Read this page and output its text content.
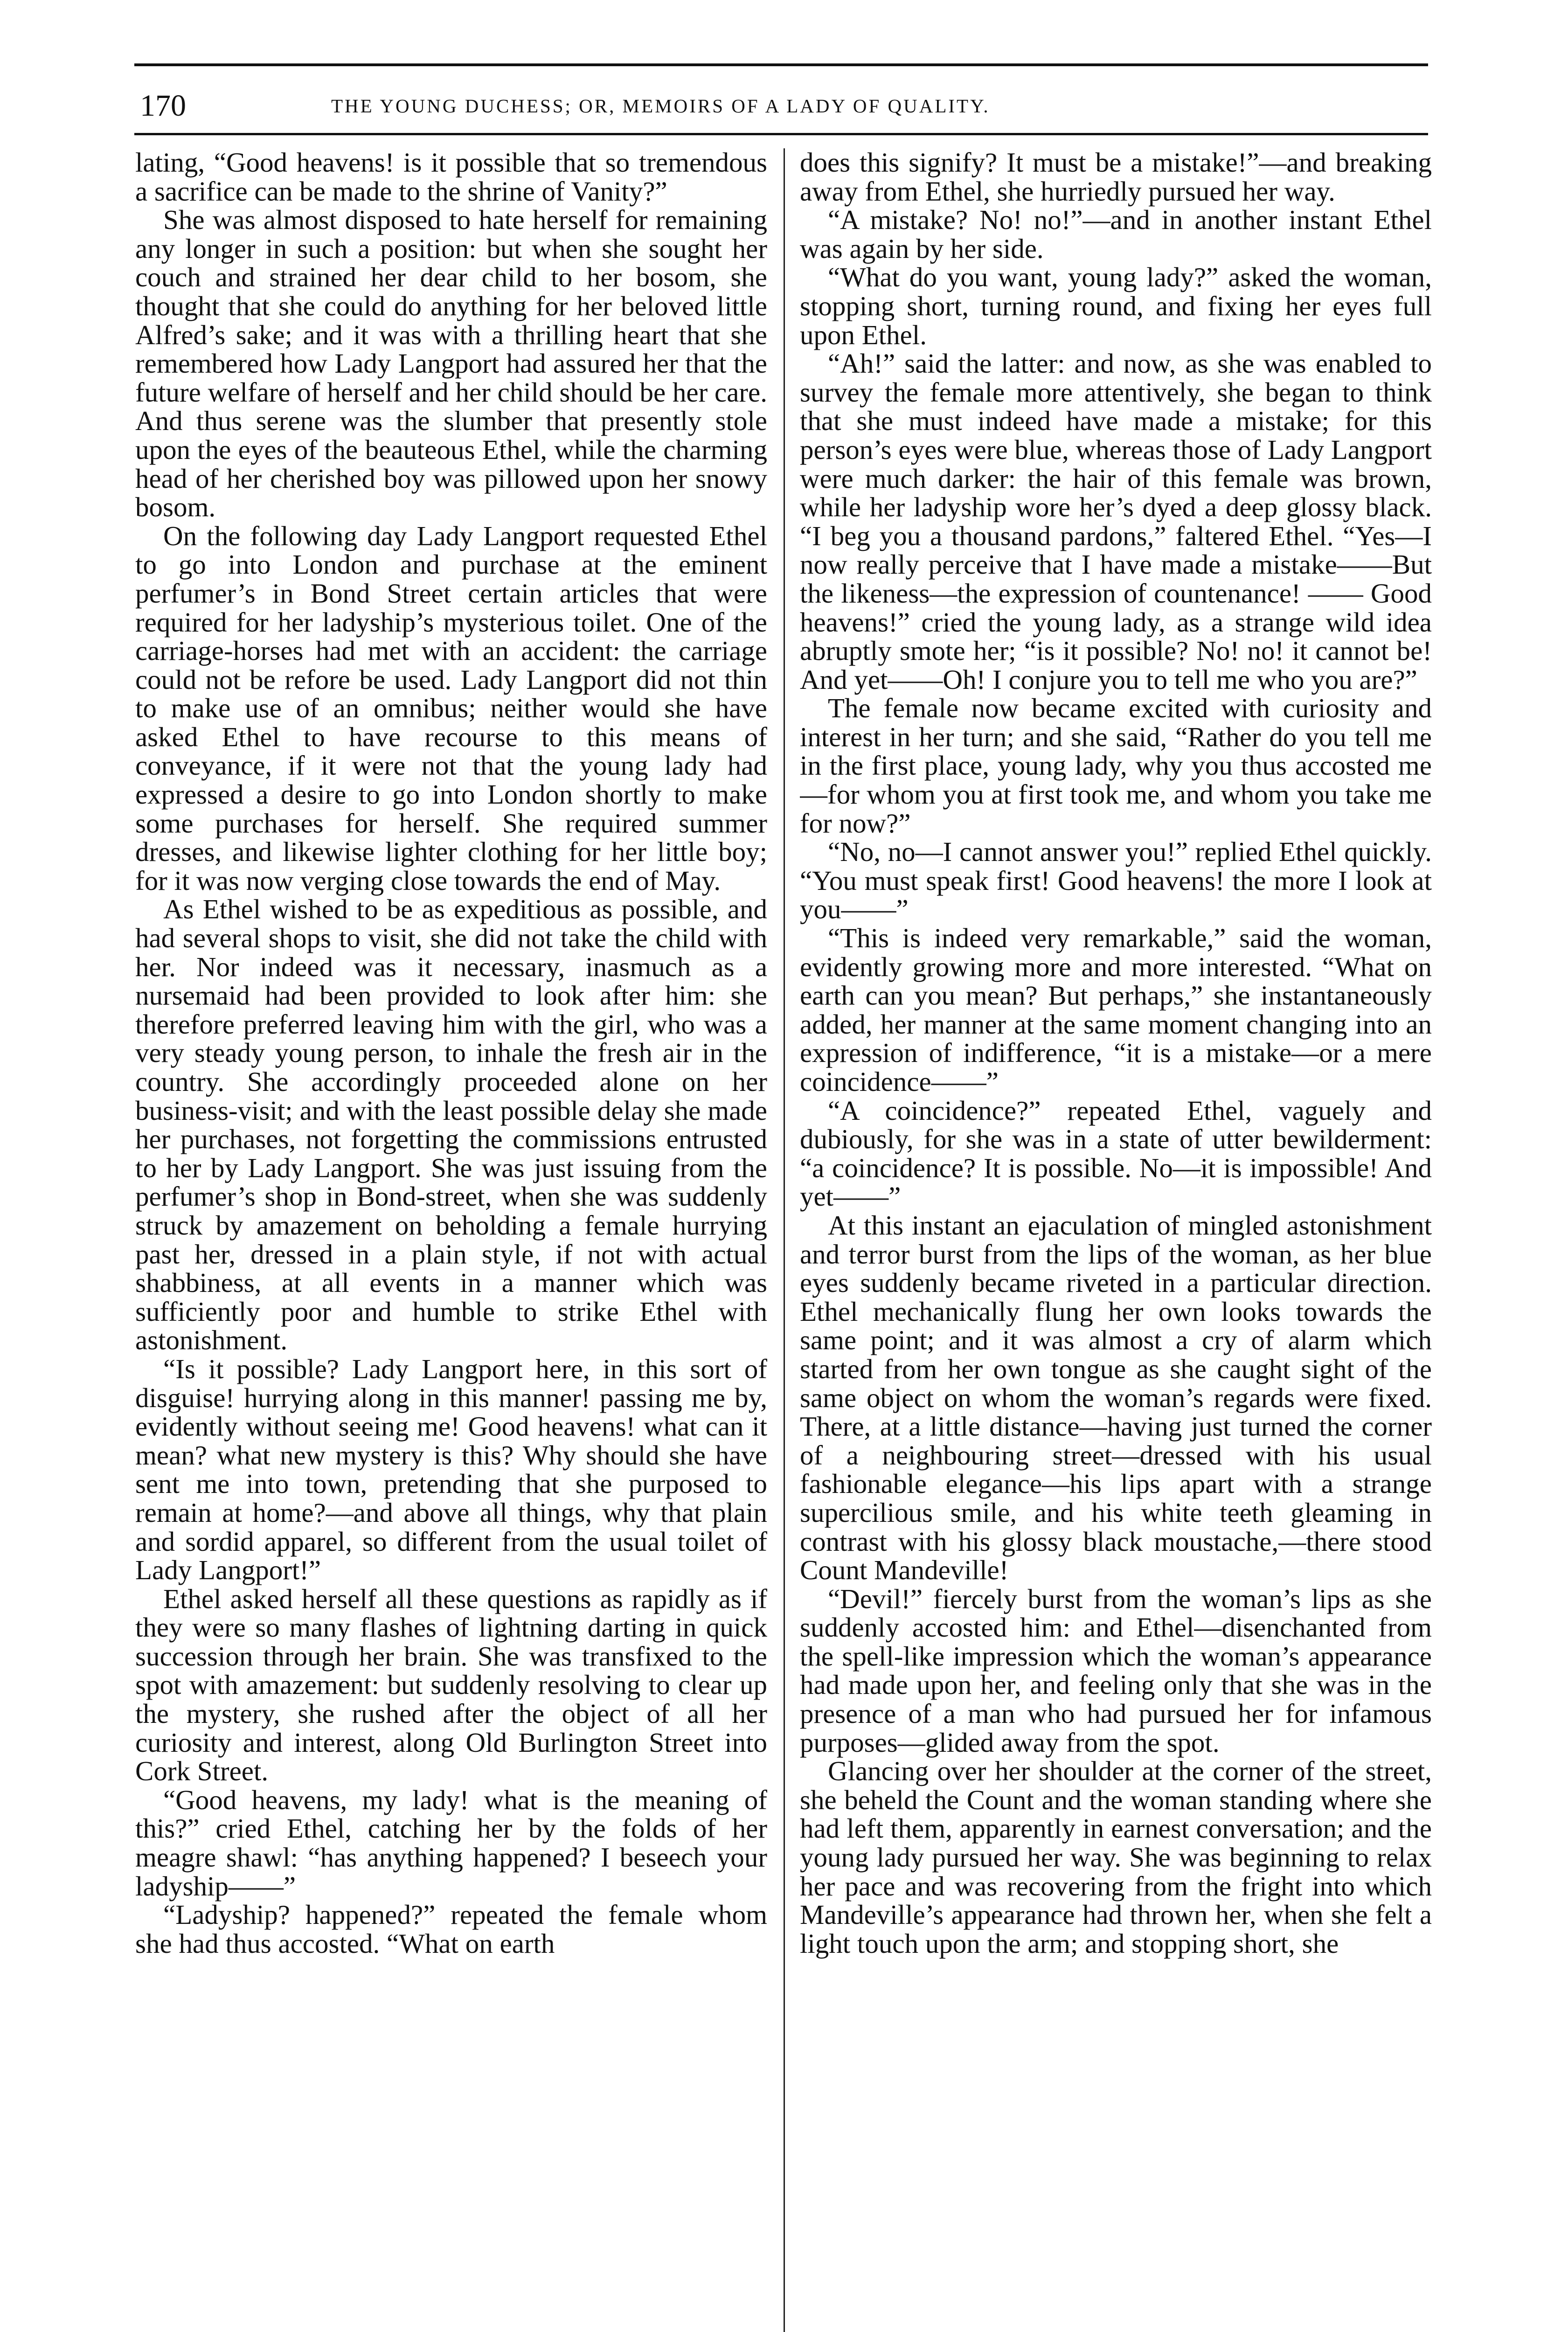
170	THE YOUNG DUCHESS; OR, MEMOIRS OF A LADY OF QUALITY.

lating, “Good heavens! is it possible that so tremendous a sacrifice can be made to the shrine of Vanity?”

She was almost disposed to hate herself for remaining any longer in such a position: but when she sought her couch and strained her dear child to her bosom, she thought that she could do anything for her beloved little Alfred’s sake; and it was with a thrilling heart that she remembered how Lady Langport had assured her that the future welfare of herself and her child should be her care. And thus serene was the slumber that presently stole upon the eyes of the beauteous Ethel, while the charming head of her cherished boy was pillowed upon her snowy bosom.

On the following day Lady Langport requested Ethel to go into London and purchase at the eminent perfumer’s in Bond Street certain articles that were required for her ladyship’s mysterious toilet. One of the carriage-horses had met with an accident: the carriage could not be refore be used. Lady Langport did not thin to make use of an omnibus; neither would she have asked Ethel to have recourse to this means of conveyance, if it were not that the young lady had expressed a desire to go into London shortly to make some purchases for herself. She required summer dresses, and likewise lighter clothing for her little boy; for it was now verging close towards the end of May.

As Ethel wished to be as expeditious as possible, and had several shops to visit, she did not take the child with her. Nor indeed was it necessary, inasmuch as a nursemaid had been provided to look after him: she therefore preferred leaving him with the girl, who was a very steady young person, to inhale the fresh air in the country. She accordingly proceeded alone on her business-visit; and with the least possible delay she made her purchases, not forgetting the commissions entrusted to her by Lady Langport. She was just issuing from the perfumer’s shop in Bond-street, when she was suddenly struck by amazement on beholding a female hurrying past her, dressed in a plain style, if not with actual shabbiness, at all events in a manner which was sufficiently poor and humble to strike Ethel with astonishment.

“Is it possible? Lady Langport here, in this sort of disguise! hurrying along in this manner! passing me by, evidently without seeing me! Good heavens! what can it mean? what new mystery is this? Why should she have sent me into town, pretending that she purposed to remain at home?—and above all things, why that plain and sordid apparel, so different from the usual toilet of Lady Langport!”

Ethel asked herself all these questions as rapidly as if they were so many flashes of lightning darting in quick succession through her brain. She was transfixed to the spot with amazement: but suddenly resolving to clear up the mystery, she rushed after the object of all her curiosity and interest, along Old Burlington Street into Cork Street.

“Good heavens, my lady! what is the meaning of this?” cried Ethel, catching her by the folds of her meagre shawl: “has anything happened? I beseech your ladyship——”

“Ladyship? happened?” repeated the female whom she had thus accosted. “What on earth

does this signify? It must be a mistake!”—and breaking away from Ethel, she hurriedly pursued her way.

“A mistake? No! no!”—and in another instant Ethel was again by her side.

“What do you want, young lady?” asked the woman, stopping short, turning round, and fixing her eyes full upon Ethel.

“Ah!” said the latter: and now, as she was enabled to survey the female more attentively, she began to think that she must indeed have made a mistake; for this person’s eyes were blue, whereas those of Lady Langport were much darker: the hair of this female was brown, while her ladyship wore her’s dyed a deep glossy black. “I beg you a thousand pardons,” faltered Ethel. “Yes—I now really perceive that I have made a mistake——But the likeness—the expression of countenance! —— Good heavens!” cried the young lady, as a strange wild idea abruptly smote her; “is it possible? No! no! it cannot be! And yet——Oh! I conjure you to tell me who you are?”

The female now became excited with curiosity and interest in her turn; and she said, “Rather do you tell me in the first place, young lady, why you thus accosted me—for whom you at first took me, and whom you take me for now?”

“No, no—I cannot answer you!” replied Ethel quickly. “You must speak first! Good heavens! the more I look at you——”

“This is indeed very remarkable,” said the woman, evidently growing more and more interested. “What on earth can you mean? But perhaps,” she instantaneously added, her manner at the same moment changing into an expression of indifference, “it is a mistake—or a mere coincidence——”

“A coincidence?” repeated Ethel, vaguely and dubiously, for she was in a state of utter bewilderment: “a coincidence? It is possible. No—it is impossible! And yet——”

At this instant an ejaculation of mingled astonishment and terror burst from the lips of the woman, as her blue eyes suddenly became riveted in a particular direction. Ethel mechanically flung her own looks towards the same point; and it was almost a cry of alarm which started from her own tongue as she caught sight of the same object on whom the woman’s regards were fixed. There, at a little distance—having just turned the corner of a neighbouring street—dressed with his usual fashionable elegance—his lips apart with a strange supercilious smile, and his white teeth gleaming in contrast with his glossy black moustache,—there stood Count Mandeville!

“Devil!” fiercely burst from the woman’s lips as she suddenly accosted him: and Ethel—disenchanted from the spell-like impression which the woman’s appearance had made upon her, and feeling only that she was in the presence of a man who had pursued her for infamous purposes—glided away from the spot.

Glancing over her shoulder at the corner of the street, she beheld the Count and the woman standing where she had left them, apparently in earnest conversation; and the young lady pursued her way. She was beginning to relax her pace and was recovering from the fright into which Mandeville’s appearance had thrown her, when she felt a light touch upon the arm; and stopping short, she
